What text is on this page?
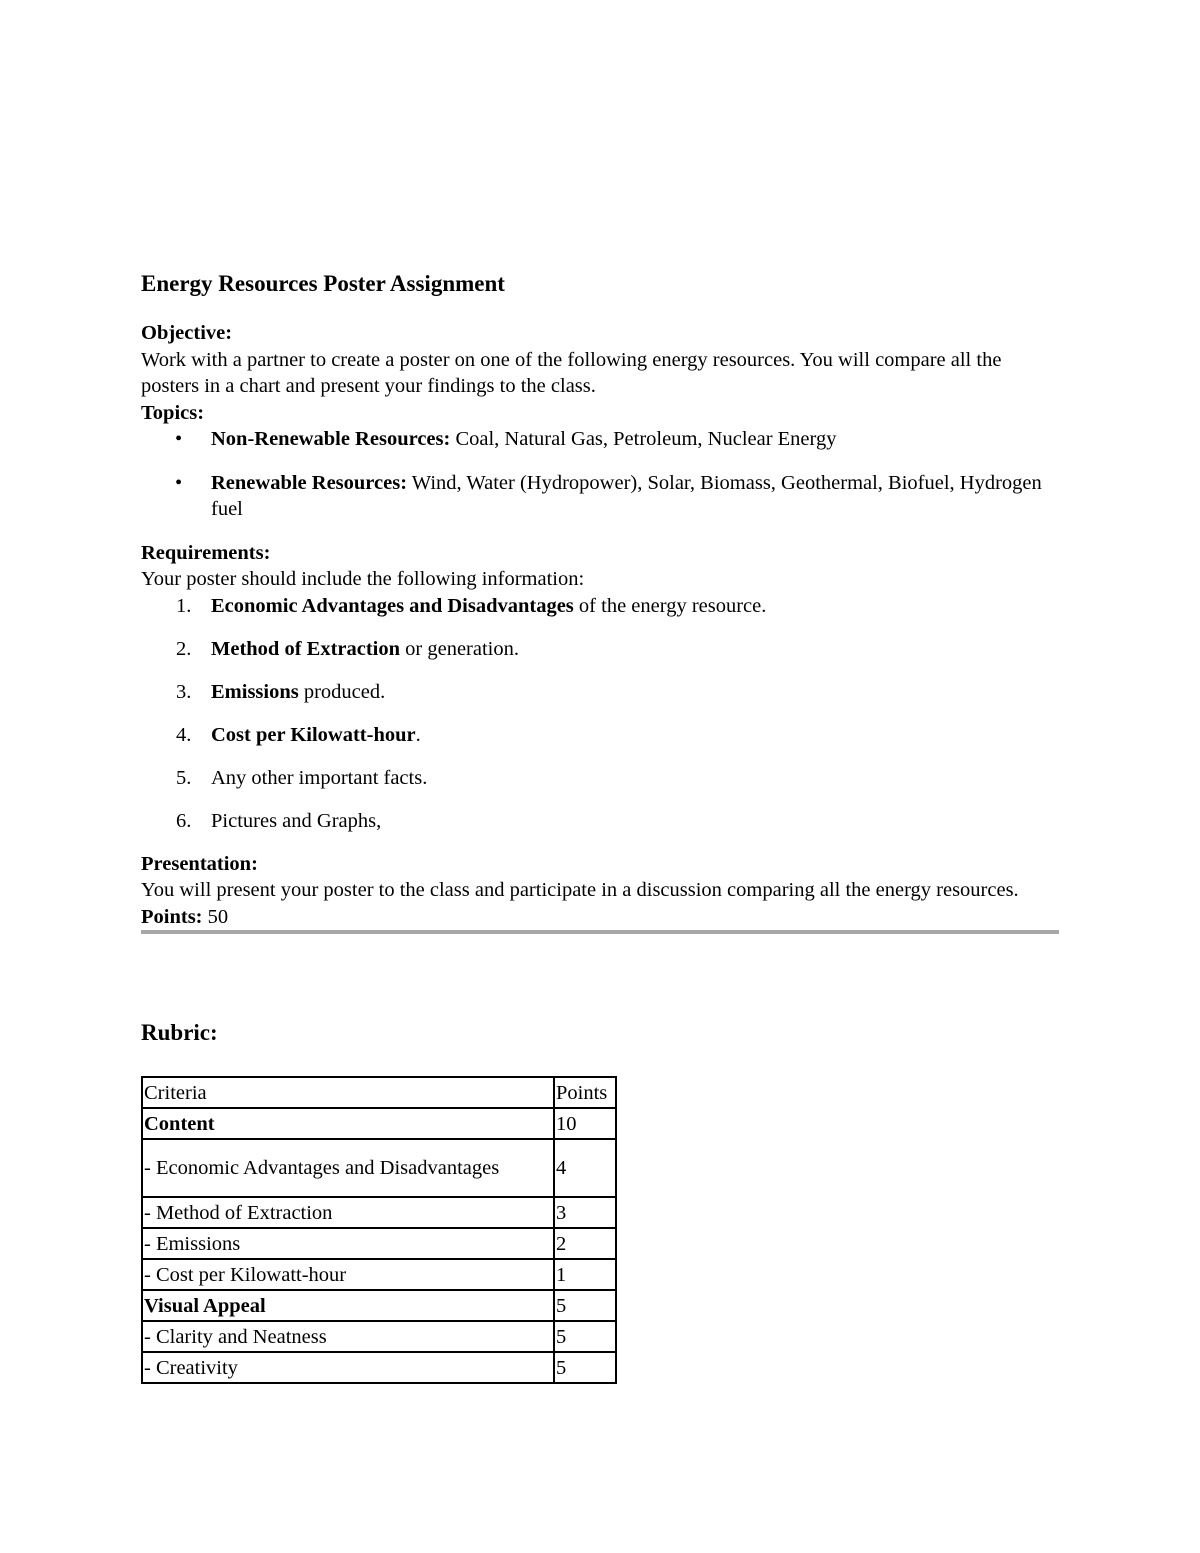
Energy Resources Poster Assignment

Objective:

Work with a partner to create a poster on one of the following energy resources. You will compare all the posters in a chart and present your findings to the class.

Topics:

• Non-Renewable Resources: Coal, Natural Gas, Petroleum, Nuclear Energy
• Renewable Resources: Wind, Water (Hydropower), Solar, Biomass, Geothermal, Biofuel, Hydrogen fuel

Requirements:

Your poster should include the following information:

1. Economic Advantages and Disadvantages of the energy resource.
2. Method of Extraction or generation.
3. Emissions produced.
4. Cost per Kilowatt-hour.
5. Any other important facts.
6. Pictures and Graphs,

Presentation:

You will present your poster to the class and participate in a discussion comparing all the energy resources.

Points: 50

Rubric:
Criteria	Points
Content	10
- Economic Advantages and Disadvantages	4
- Method of Extraction	3
- Emissions	2
- Cost per Kilowatt-hour	1
Visual Appeal	5
- Clarity and Neatness	5
- Creativity	5
